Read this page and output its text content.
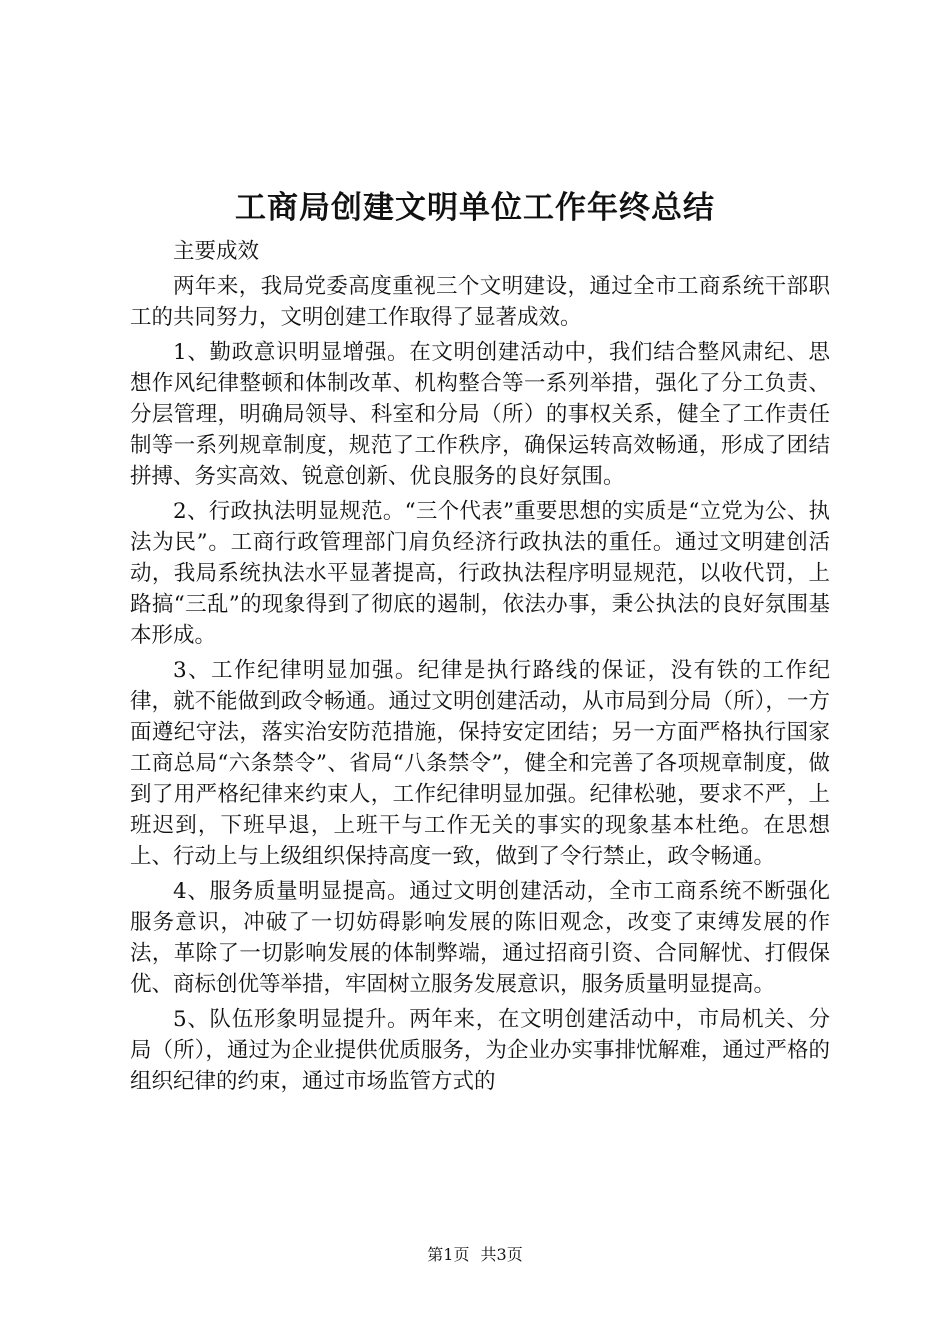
工商局创建文明单位工作年终总结

主要成效

两年来，我局党委高度重视三个文明建设，通过全市工商系统干部职工的共同努力，文明创建工作取得了显著成效。

1、勤政意识明显增强。在文明创建活动中，我们结合整风肃纪、思想作风纪律整顿和体制改革、机构整合等一系列举措，强化了分工负责、分层管理，明确局领导、科室和分局（所）的事权关系，健全了工作责任制等一系列规章制度，规范了工作秩序，确保运转高效畅通，形成了团结拼搏、务实高效、锐意创新、优良服务的良好氛围。

2、行政执法明显规范。“三个代表”重要思想的实质是“立党为公、执法为民”。工商行政管理部门肩负经济行政执法的重任。通过文明建创活动，我局系统执法水平显著提高，行政执法程序明显规范，以收代罚，上路搞“三乱”的现象得到了彻底的遏制，依法办事，秉公执法的良好氛围基本形成。

3、工作纪律明显加强。纪律是执行路线的保证，没有铁的工作纪律，就不能做到政令畅通。通过文明创建活动，从市局到分局（所），一方面遵纪守法，落实治安防范措施，保持安定团结；另一方面严格执行国家工商总局“六条禁令”、省局“八条禁令”，健全和完善了各项规章制度，做到了用严格纪律来约束人，工作纪律明显加强。纪律松驰，要求不严，上班迟到，下班早退，上班干与工作无关的事实的现象基本杜绝。在思想上、行动上与上级组织保持高度一致，做到了令行禁止，政令畅通。

4、服务质量明显提高。通过文明创建活动，全市工商系统不断强化服务意识，冲破了一切妨碍影响发展的陈旧观念，改变了束缚发展的作法，革除了一切影响发展的体制弊端，通过招商引资、合同解忧、打假保优、商标创优等举措，牢固树立服务发展意识，服务质量明显提高。

5、队伍形象明显提升。两年来，在文明创建活动中，市局机关、分局（所），通过为企业提供优质服务，为企业办实事排忧解难，通过严格的组织纪律的约束，通过市场监管方式的

第1页 共3页
